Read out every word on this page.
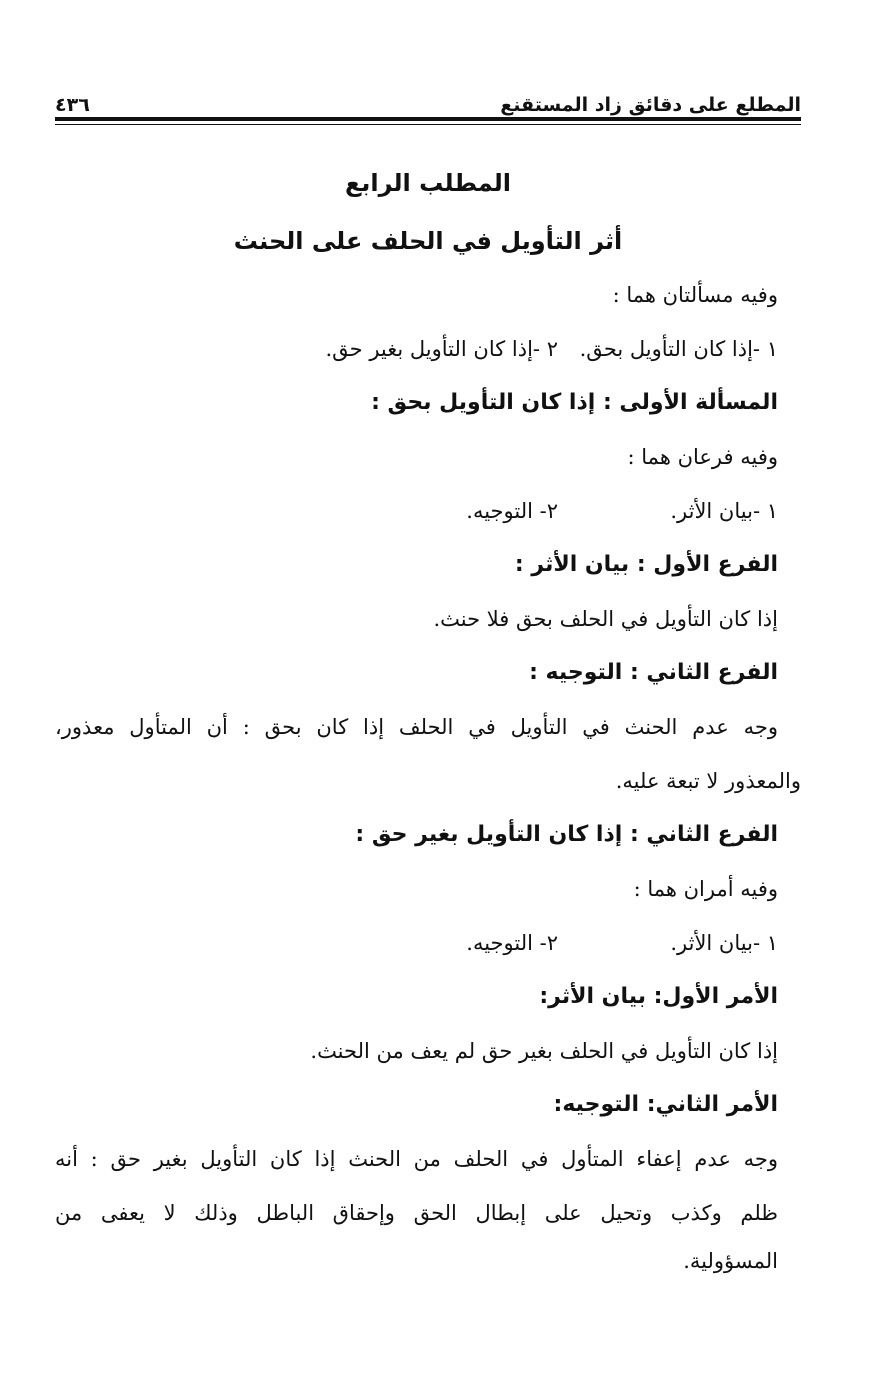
المطلع على دقائق زاد المستقنع
٤٣٦
المطلب الرابع
أثر التأويل في الحلف على الحنث
وفيه مسألتان هما :
١ -إذا كان التأويل بحق.
٢ -إذا كان التأويل بغير حق.
المسألة الأولى : إذا كان التأويل بحق :
وفيه فرعان هما :
١ -بيان الأثر.
٢- التوجيه.
الفرع الأول : بيان الأثر :
إذا كان التأويل في الحلف بحق فلا حنث.
الفرع الثاني : التوجيه :
وجه عدم الحنث في التأويل في الحلف إذا كان بحق : أن المتأول معذور،
والمعذور لا تبعة عليه.
الفرع الثاني : إذا كان التأويل بغير حق :
وفيه أمران هما :
١ -بيان الأثر.
٢- التوجيه.
الأمر الأول: بيان الأثر:
إذا كان التأويل في الحلف بغير حق لم يعف من الحنث.
الأمر الثاني: التوجيه:
وجه عدم إعفاء المتأول في الحلف من الحنث إذا كان التأويل بغير حق : أنه
ظلم وكذب وتحيل على إبطال الحق وإحقاق الباطل وذلك لا يعفى من
المسؤولية.
